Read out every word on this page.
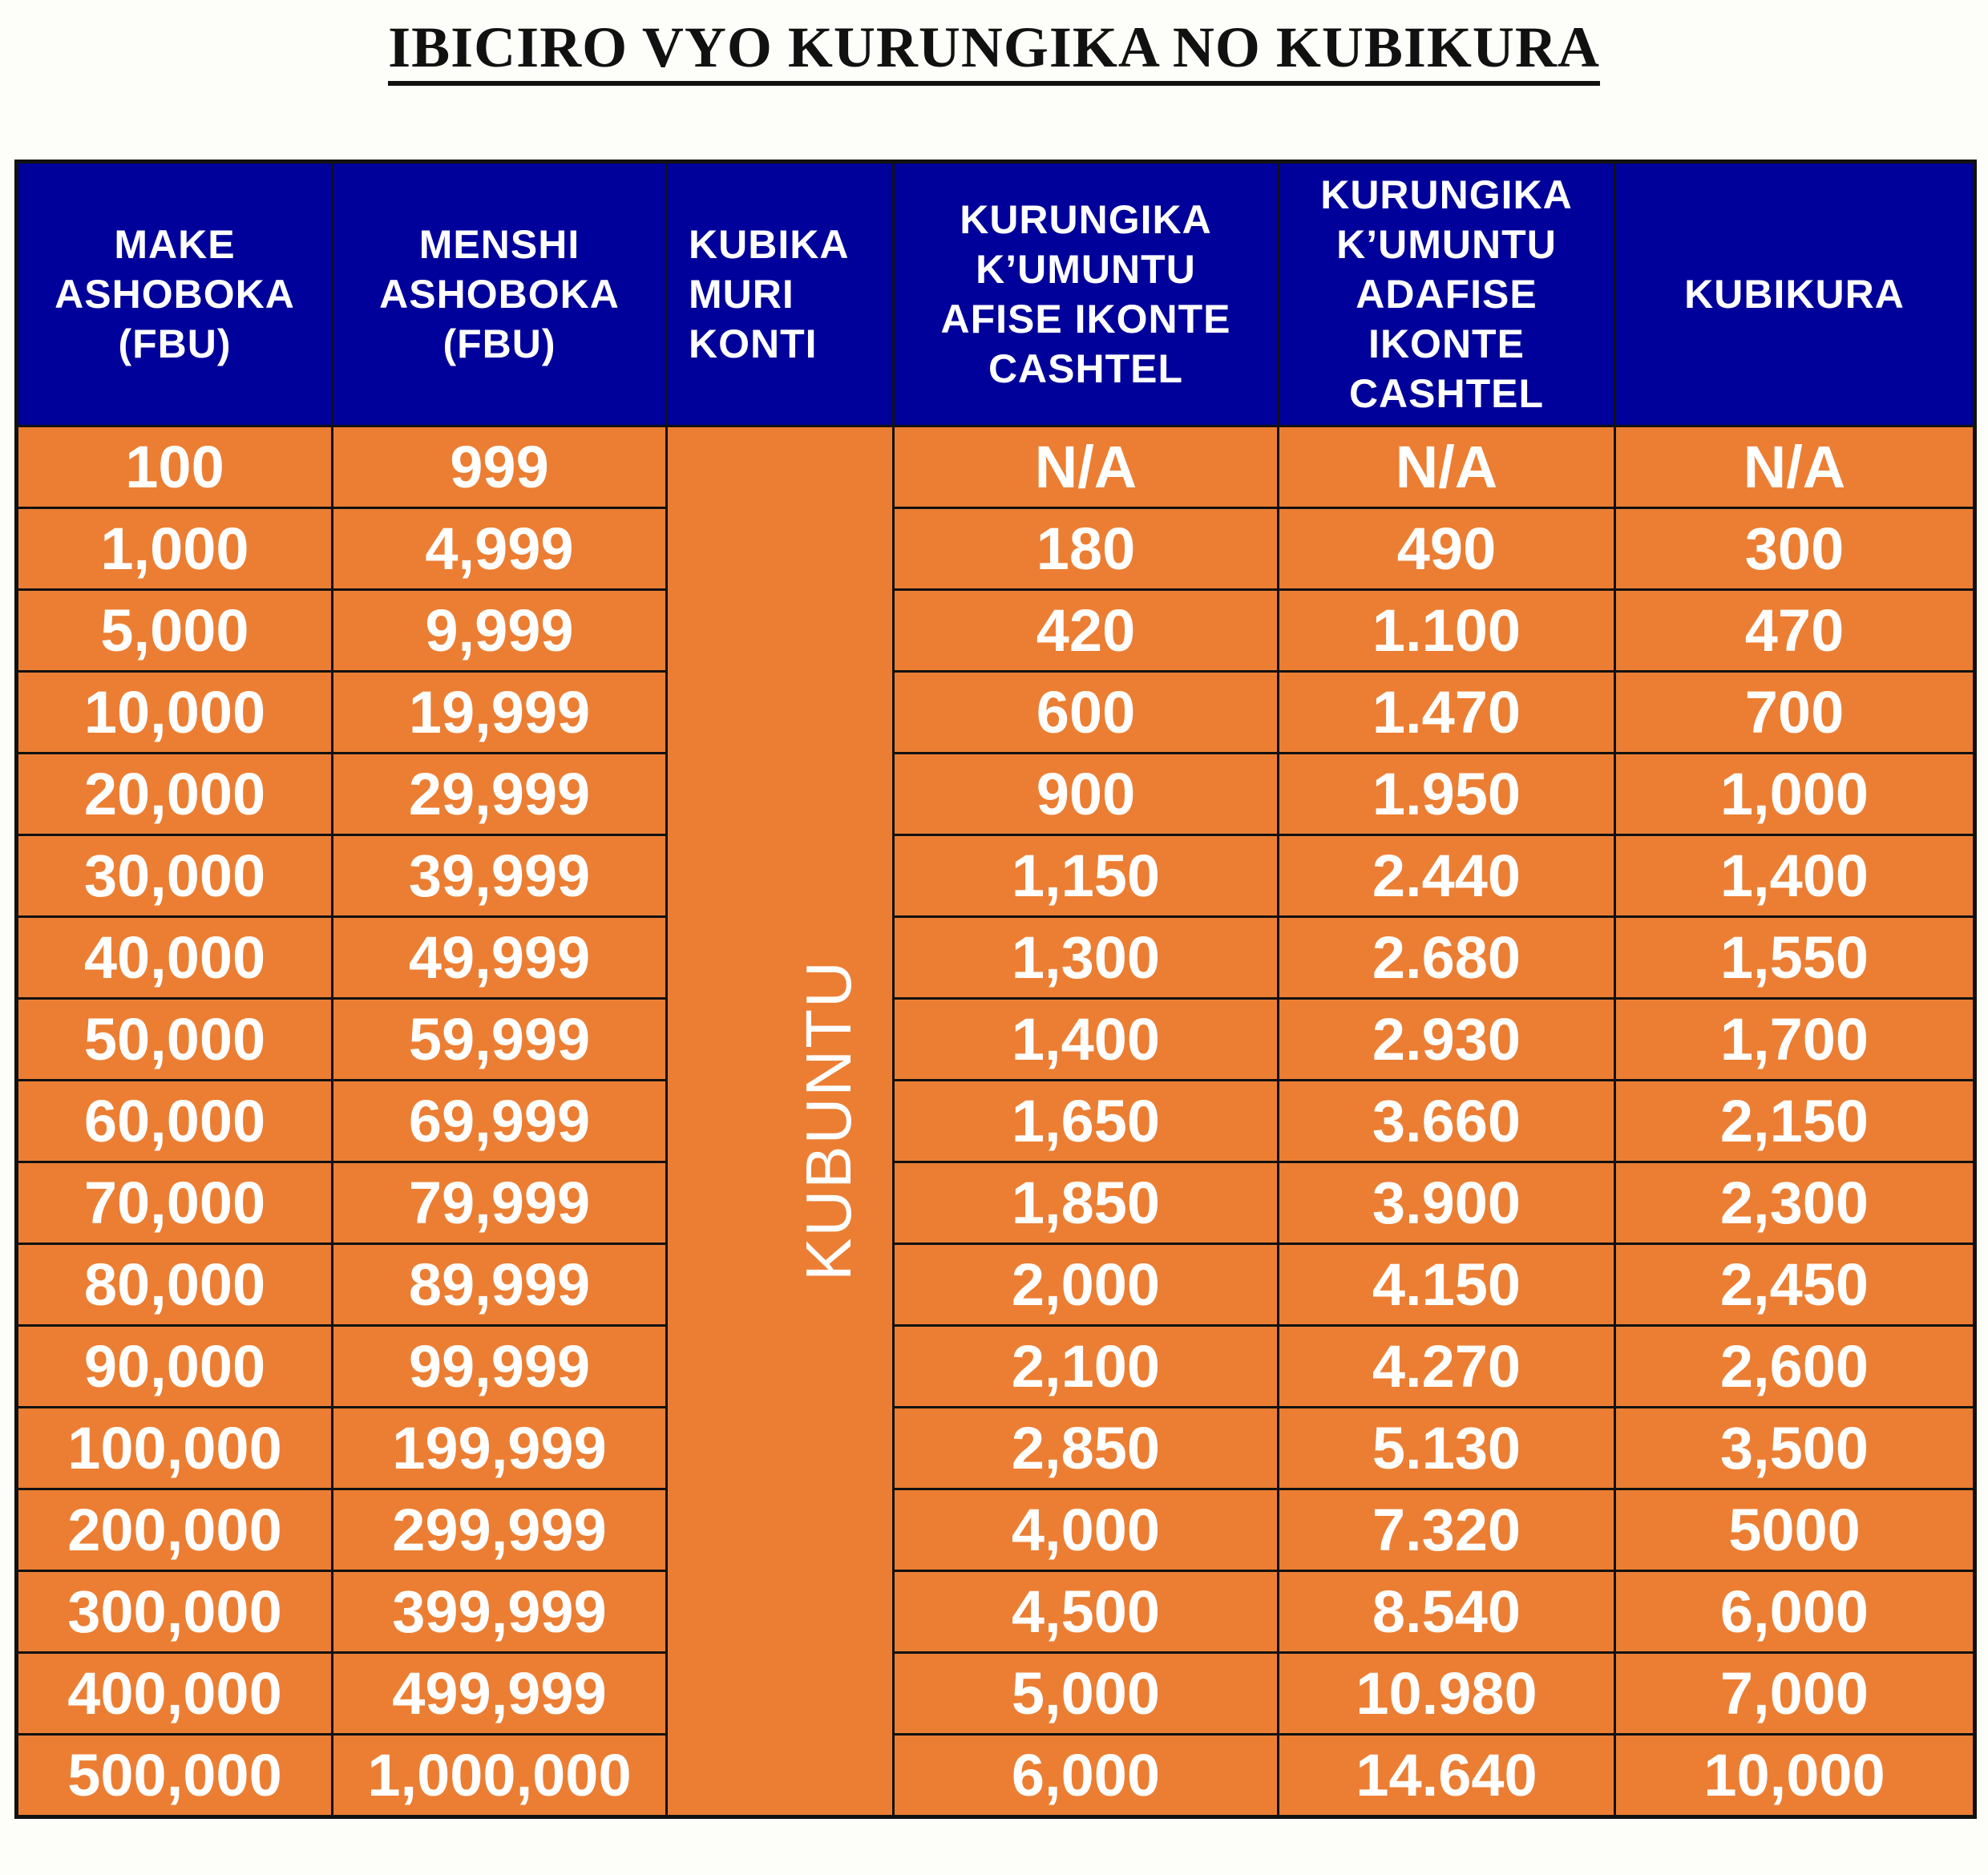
IBICIRO VYO KURUNGIKA NO KUBIKURA
MAKE
ASHOBOKA
(FBU)	MENSHI
ASHOBOKA
(FBU)	KUBIKA
MURI
KONTI	KURUNGIKA
K’UMUNTU
AFISE IKONTE
CASHTEL	KURUNGIKA
K’UMUNTU
ADAFISE
IKONTE
CASHTEL	KUBIKURA
100	999	KUBUNTU	N/A	N/A	N/A
1,000	4,999		180	490	300
5,000	9,999		420	1.100	470
10,000	19,999		600	1.470	700
20,000	29,999		900	1.950	1,000
30,000	39,999		1,150	2.440	1,400
40,000	49,999		1,300	2.680	1,550
50,000	59,999		1,400	2.930	1,700
60,000	69,999		1,650	3.660	2,150
70,000	79,999		1,850	3.900	2,300
80,000	89,999		2,000	4.150	2,450
90,000	99,999		2,100	4.270	2,600
100,000	199,999		2,850	5.130	3,500
200,000	299,999		4,000	7.320	5000
300,000	399,999		4,500	8.540	6,000
400,000	499,999		5,000	10.980	7,000
500,000	1,000,000		6,000	14.640	10,000
